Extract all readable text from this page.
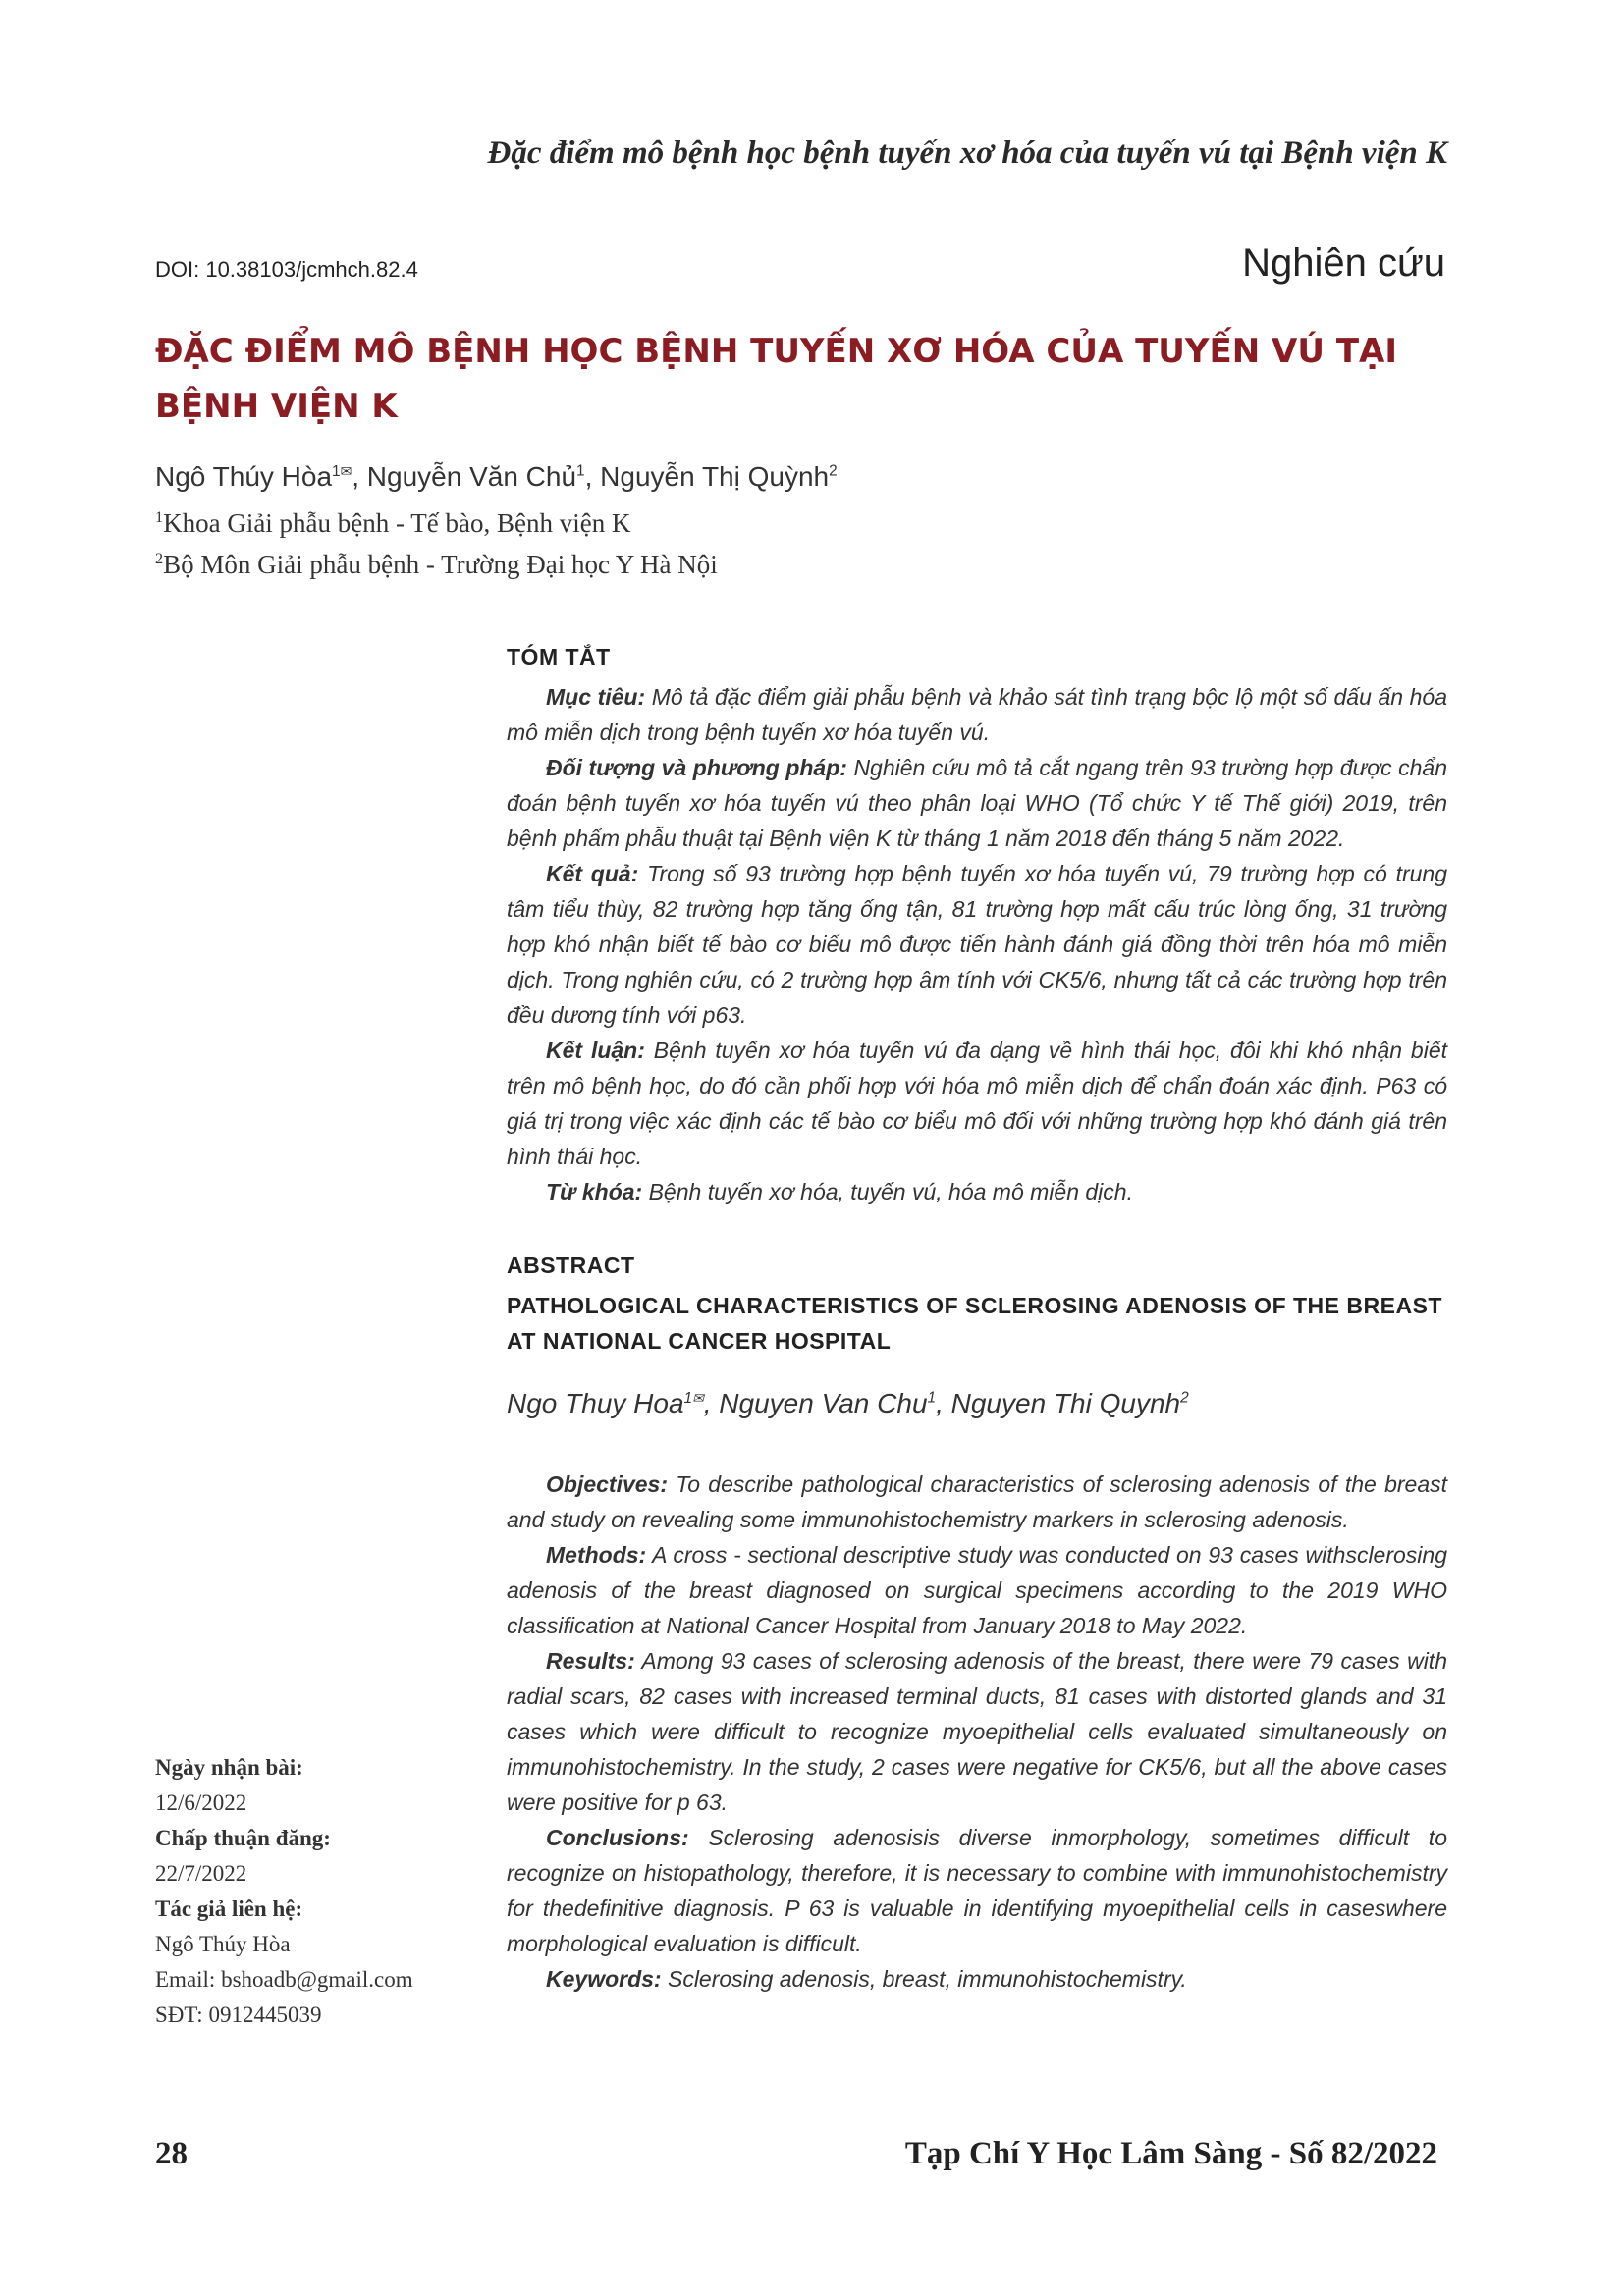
Đặc điểm mô bệnh học bệnh tuyến xơ hóa của tuyến vú tại Bệnh viện K
DOI: 10.38103/jcmhch.82.4	Nghiên cứu
ĐẶC ĐIỂM MÔ BỆNH HỌC BỆNH TUYẾN XƠ HÓA CỦA TUYẾN VÚ TẠI BỆNH VIỆN K
Ngô Thúy Hòa$^{1✉}$, Nguyễn Văn Chủ$^1$, Nguyễn Thị Quỳnh$^2$
$^1$Khoa Giải phẫu bệnh - Tế bào, Bệnh viện K
$^2$Bộ Môn Giải phẫu bệnh - Trường Đại học Y Hà Nội
TÓM TẮT

Mục tiêu: Mô tả đặc điểm giải phẫu bệnh và khảo sát tình trạng bộc lộ một số dấu ấn hóa mô miễn dịch trong bệnh tuyến xơ hóa tuyến vú.

Đối tượng và phương pháp: Nghiên cứu mô tả cắt ngang trên 93 trường hợp được chẩn đoán bệnh tuyến xơ hóa tuyến vú theo phân loại WHO (Tổ chức Y tế Thế giới) 2019, trên bệnh phẩm phẫu thuật tại Bệnh viện K từ tháng 1 năm 2018 đến tháng 5 năm 2022.

Kết quả: Trong số 93 trường hợp bệnh tuyến xơ hóa tuyến vú, 79 trường hợp có trung tâm tiểu thùy, 82 trường hợp tăng ống tận, 81 trường hợp mất cấu trúc lòng ống, 31 trường hợp khó nhận biết tế bào cơ biểu mô được tiến hành đánh giá đồng thời trên hóa mô miễn dịch. Trong nghiên cứu, có 2 trường hợp âm tính với CK5/6, nhưng tất cả các trường hợp trên đều dương tính với p63.

Kết luận: Bệnh tuyến xơ hóa tuyến vú đa dạng về hình thái học, đôi khi khó nhận biết trên mô bệnh học, do đó cần phối hợp với hóa mô miễn dịch để chẩn đoán xác định. P63 có giá trị trong việc xác định các tế bào cơ biểu mô đối với những trường hợp khó đánh giá trên hình thái học.

Từ khóa: Bệnh tuyến xơ hóa, tuyến vú, hóa mô miễn dịch.

ABSTRACT
PATHOLOGICAL CHARACTERISTICS OF SCLEROSING ADENOSIS OF THE BREAST AT NATIONAL CANCER HOSPITAL
Ngo Thuy Hoa$^{1✉}$, Nguyen Van Chu$^1$, Nguyen Thi Quynh$^2$

Objectives: To describe pathological characteristics of sclerosing adenosis of the breast and study on revealing some immunohistochemistry markers in sclerosing adenosis.

Methods: A cross - sectional descriptive study was conducted on 93 cases withsclerosing adenosis of the breast diagnosed on surgical specimens according to the 2019 WHO classification at National Cancer Hospital from January 2018 to May 2022.

Results: Among 93 cases of sclerosing adenosis of the breast, there were 79 cases with radial scars, 82 cases with increased terminal ducts, 81 cases with distorted glands and 31 cases which were difficult to recognize myoepithelial cells evaluated simultaneously on immunohistochemistry. In the study, 2 cases were negative for CK5/6, but all the above cases were positive for p 63.

Conclusions: Sclerosing adenosisis diverse inmorphology, sometimes difficult to recognize on histopathology, therefore, it is necessary to combine with immunohistochemistry for thedefinitive diagnosis. P 63 is valuable in identifying myoepithelial cells in caseswhere morphological evaluation is difficult.

Keywords: Sclerosing adenosis, breast, immunohistochemistry.

Ngày nhận bài:
12/6/2022
Chấp thuận đăng:
22/7/2022
Tác giả liên hệ:
Ngô Thúy Hòa
Email: bshoadb@gmail.com
SĐT: 0912445039
28	Tạp Chí Y Học Lâm Sàng - Số 82/2022
